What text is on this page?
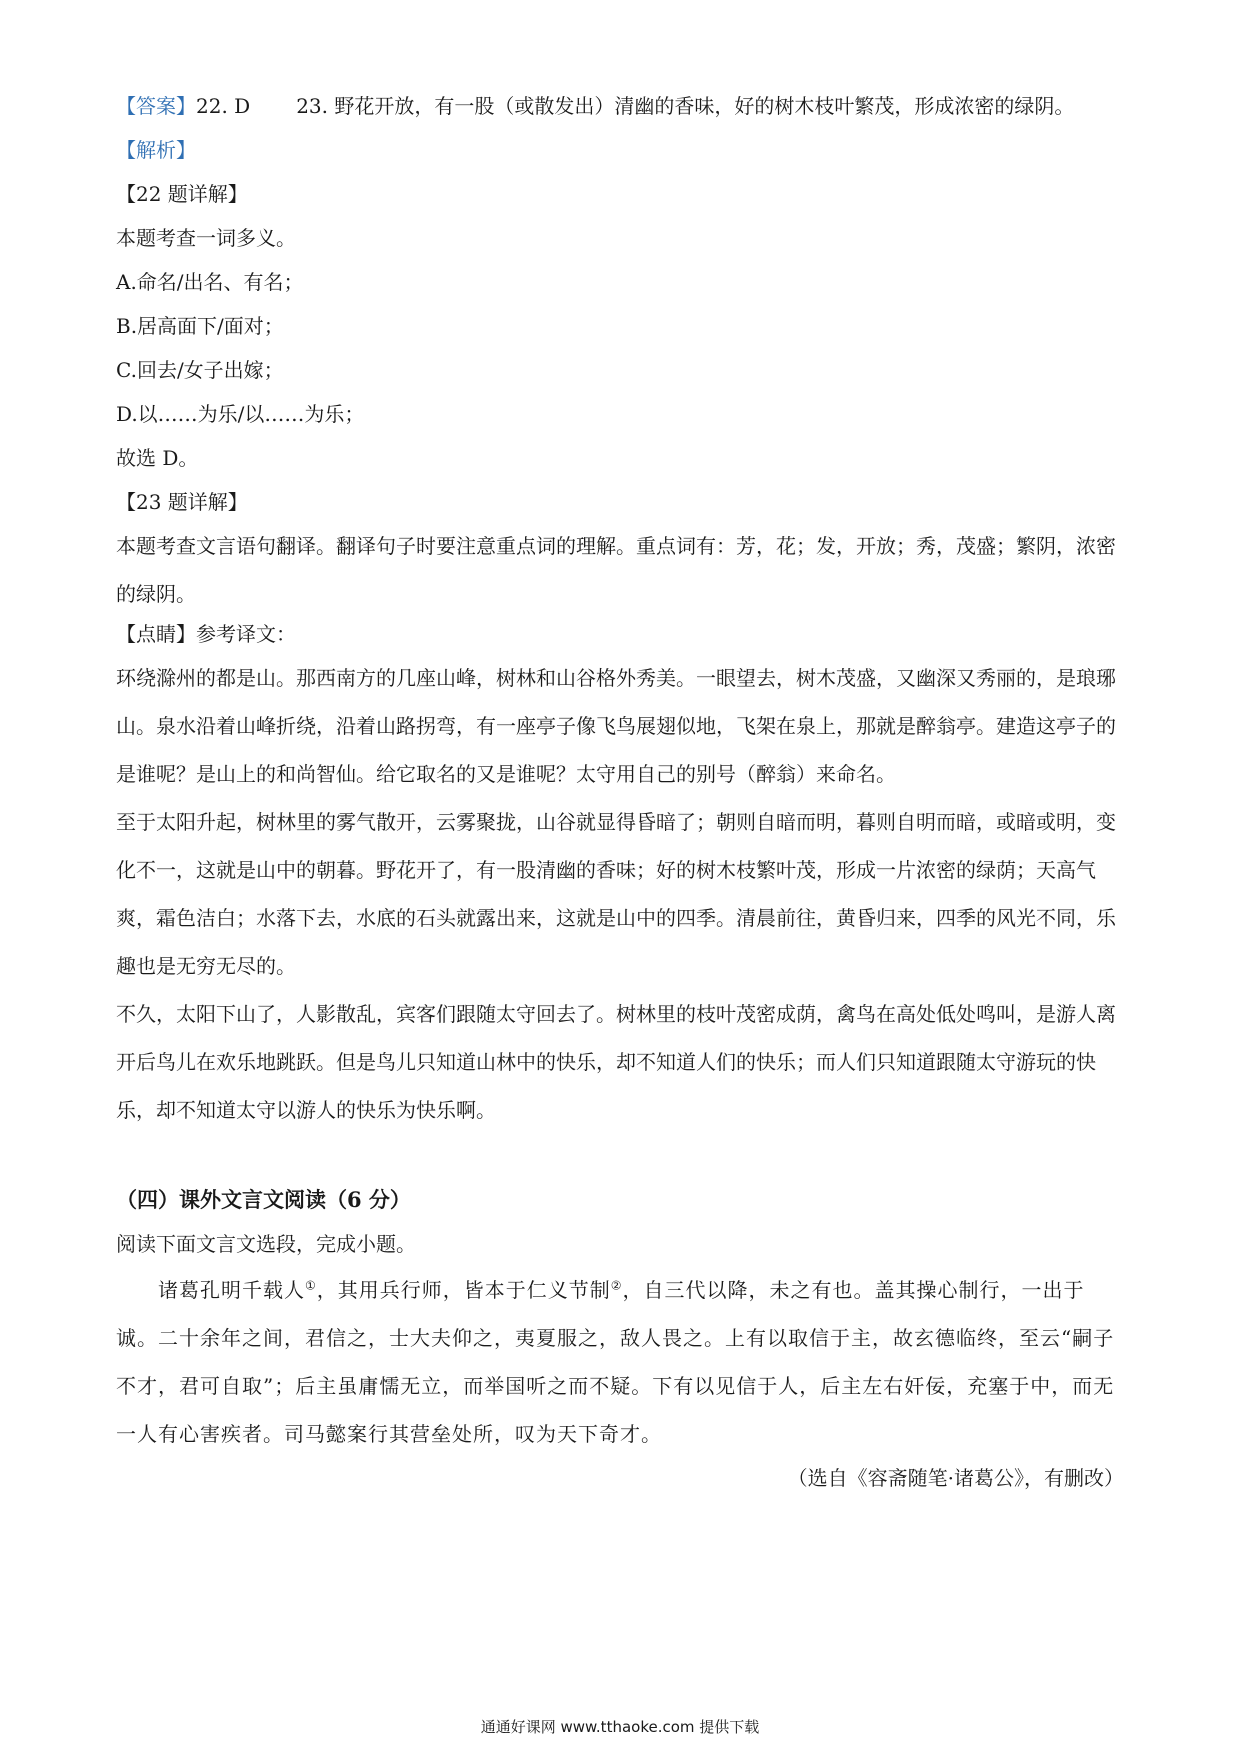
【答案】22. D 23. 野花开放，有一股（或散发出）清幽的香味，好的树木枝叶繁茂，形成浓密的绿阴。
【解析】
【22 题详解】
本题考查一词多义。
A.命名/出名、有名；
B.居高面下/面对；
C.回去/女子出嫁；
D.以……为乐/以……为乐；
故选 D。
【23 题详解】
本题考查文言语句翻译。翻译句子时要注意重点词的理解。重点词有：芳，花；发，开放；秀，茂盛；繁阴，浓密的绿阴。
【点睛】参考译文：

环绕滁州的都是山。那西南方的几座山峰，树林和山谷格外秀美。一眼望去，树木茂盛，又幽深又秀丽的，是琅琊山。泉水沿着山峰折绕，沿着山路拐弯，有一座亭子像飞鸟展翅似地，飞架在泉上，那就是醉翁亭。建造这亭子的是谁呢？是山上的和尚智仙。给它取名的又是谁呢？太守用自己的别号（醉翁）来命名。

至于太阳升起，树林里的雾气散开，云雾聚拢，山谷就显得昏暗了；朝则自暗而明，暮则自明而暗，或暗或明，变化不一，这就是山中的朝暮。野花开了，有一股清幽的香味；好的树木枝繁叶茂，形成一片浓密的绿荫；天高气爽，霜色洁白；水落下去，水底的石头就露出来，这就是山中的四季。清晨前往，黄昏归来，四季的风光不同，乐趣也是无穷无尽的。

不久，太阳下山了，人影散乱，宾客们跟随太守回去了。树林里的枝叶茂密成荫，禽鸟在高处低处鸣叫，是游人离开后鸟儿在欢乐地跳跃。但是鸟儿只知道山林中的快乐，却不知道人们的快乐；而人们只知道跟随太守游玩的快乐，却不知道太守以游人的快乐为快乐啊。

（四）课外文言文阅读（6 分）
阅读下面文言文选段，完成小题。
诸葛孔明千载人①，其用兵行师，皆本于仁义节制②，自三代以降，未之有也。盖其操心制行，一出于诚。二十余年之间，君信之，士大夫仰之，夷夏服之，敌人畏之。上有以取信于主，故玄德临终，至云“嗣子不才，君可自取”；后主虽庸懦无立，而举国听之而不疑。下有以见信于人，后主左右奸佞，充塞于中，而无一人有心害疾者。司马懿案行其营垒处所，叹为天下奇才。
（选自《容斋随笔·诸葛公》，有删改）
通通好课网 www.tthaoke.com 提供下载
